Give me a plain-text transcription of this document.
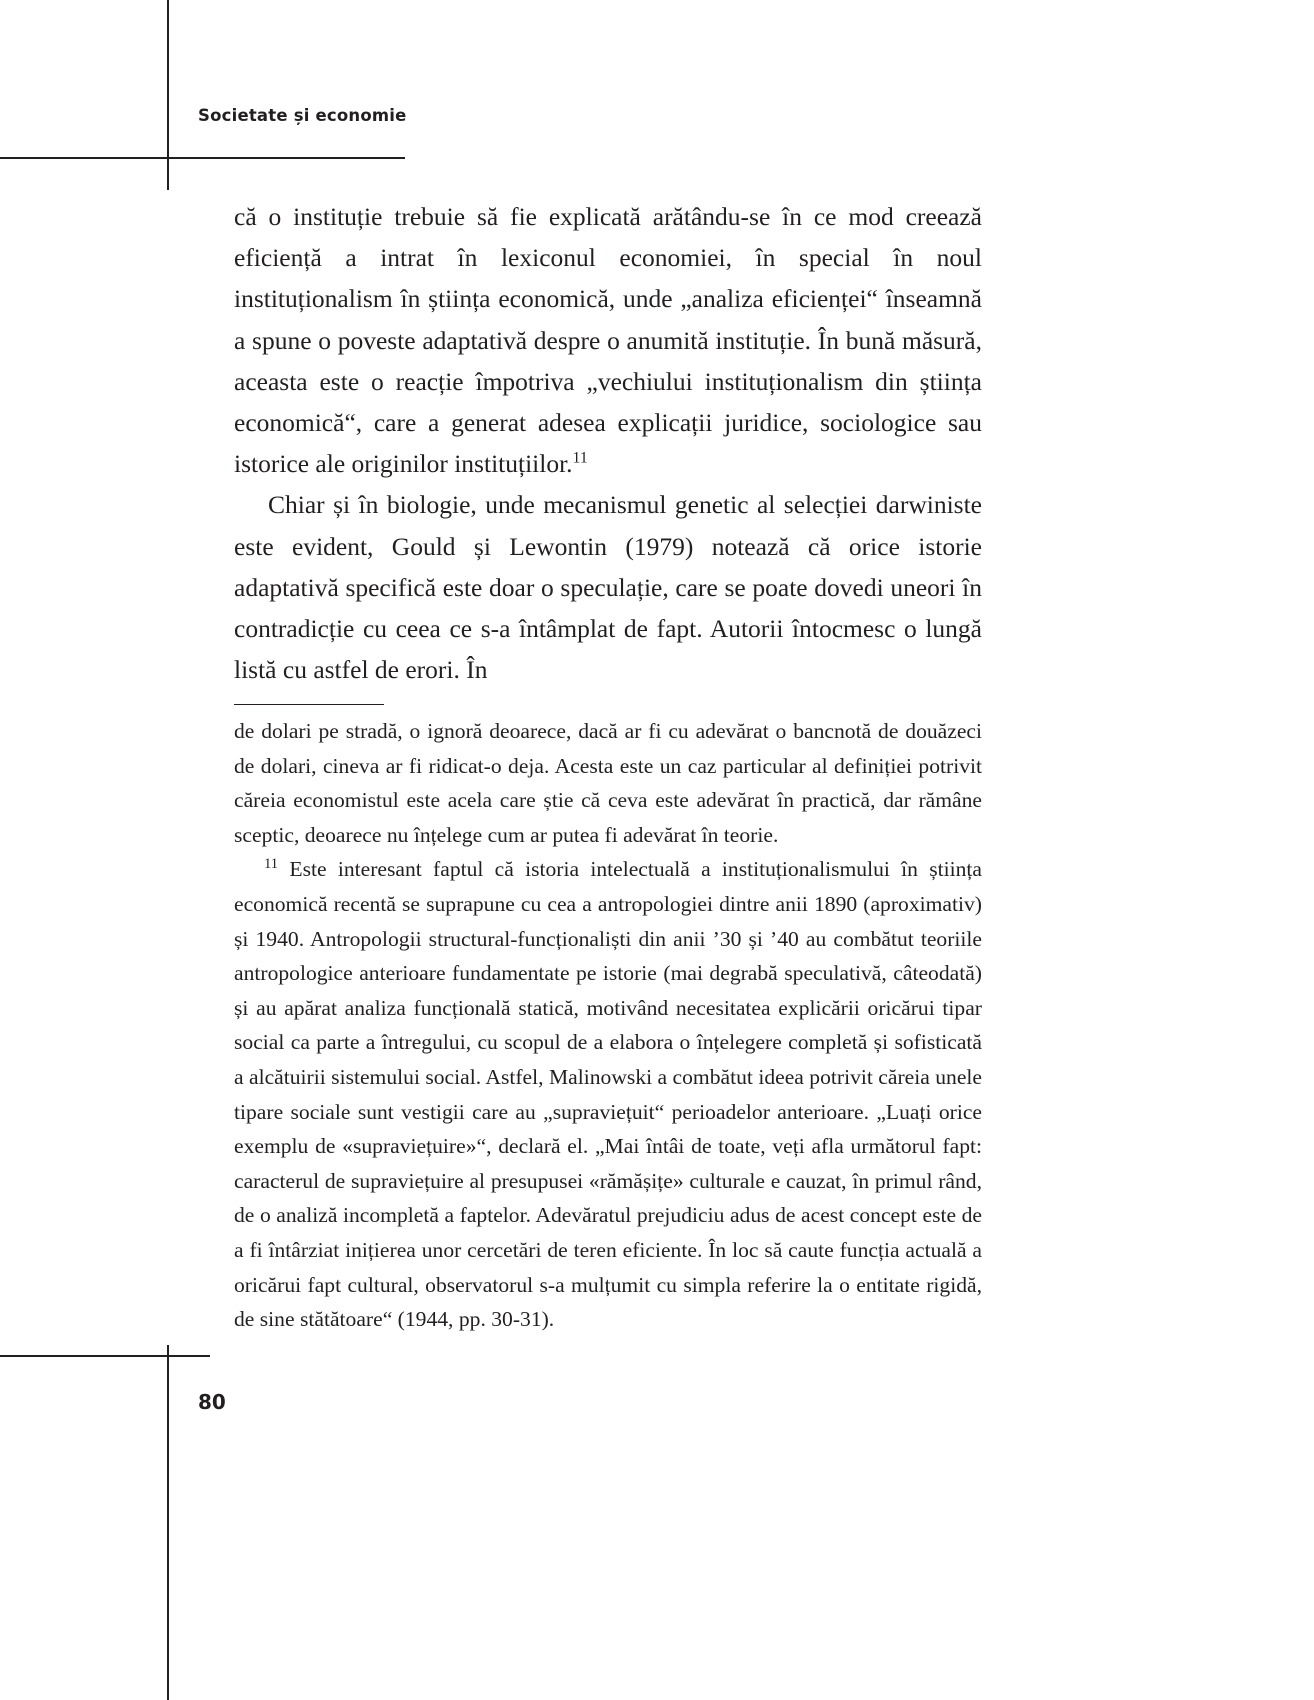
Societate și economie

că o instituție trebuie să fie explicată arătându-se în ce mod creează eficiență a intrat în lexiconul economiei, în special în noul instituționalism în știința economică, unde „analiza eficienței“ înseamnă a spune o poveste adaptativă despre o anumită instituție. În bună măsură, aceasta este o reacție împotriva „vechiului instituționalism din știința economică“, care a generat adesea explicații juridice, sociologice sau istorice ale originilor instituțiilor.$^{11}$

Chiar și în biologie, unde mecanismul genetic al selecției darwiniste este evident, Gould și Lewontin (1979) notează că orice istorie adaptativă specifică este doar o speculație, care se poate dovedi uneori în contradicție cu ceea ce s-a întâmplat de fapt. Autorii întocmesc o lungă listă cu astfel de erori. În

de dolari pe stradă, o ignoră deoarece, dacă ar fi cu adevărat o bancnotă de douăzeci de dolari, cineva ar fi ridicat-o deja. Acesta este un caz particular al definiției potrivit căreia economistul este acela care știe că ceva este adevărat în practică, dar rămâne sceptic, deoarece nu înțelege cum ar putea fi adevărat în teorie.

$^{11}$ Este interesant faptul că istoria intelectuală a instituționalismului în știința economică recentă se suprapune cu cea a antropologiei dintre anii 1890 (aproximativ) și 1940. Antropologii structural-funcționaliști din anii ’30 și ’40 au combătut teoriile antropologice anterioare fundamentate pe istorie (mai degrabă speculativă, câteodată) și au apărat analiza funcțională statică, motivând necesitatea explicării oricărui tipar social ca parte a întregului, cu scopul de a elabora o înțelegere completă și sofisticată a alcătuirii sistemului social. Astfel, Malinowski a combătut ideea potrivit căreia unele tipare sociale sunt vestigii care au „supraviețuit“ perioadelor anterioare. „Luați orice exemplu de «supraviețuire»“, declară el. „Mai întâi de toate, veți afla următorul fapt: caracterul de supraviețuire al presupusei «rămășițe» culturale e cauzat, în primul rând, de o analiză incompletă a faptelor. Adevăratul prejudiciu adus de acest concept este de a fi întârziat inițierea unor cercetări de teren eficiente. În loc să caute funcția actuală a oricărui fapt cultural, observatorul s-a mulțumit cu simpla referire la o entitate rigidă, de sine stătătoare“ (1944, pp. 30-31).

80
